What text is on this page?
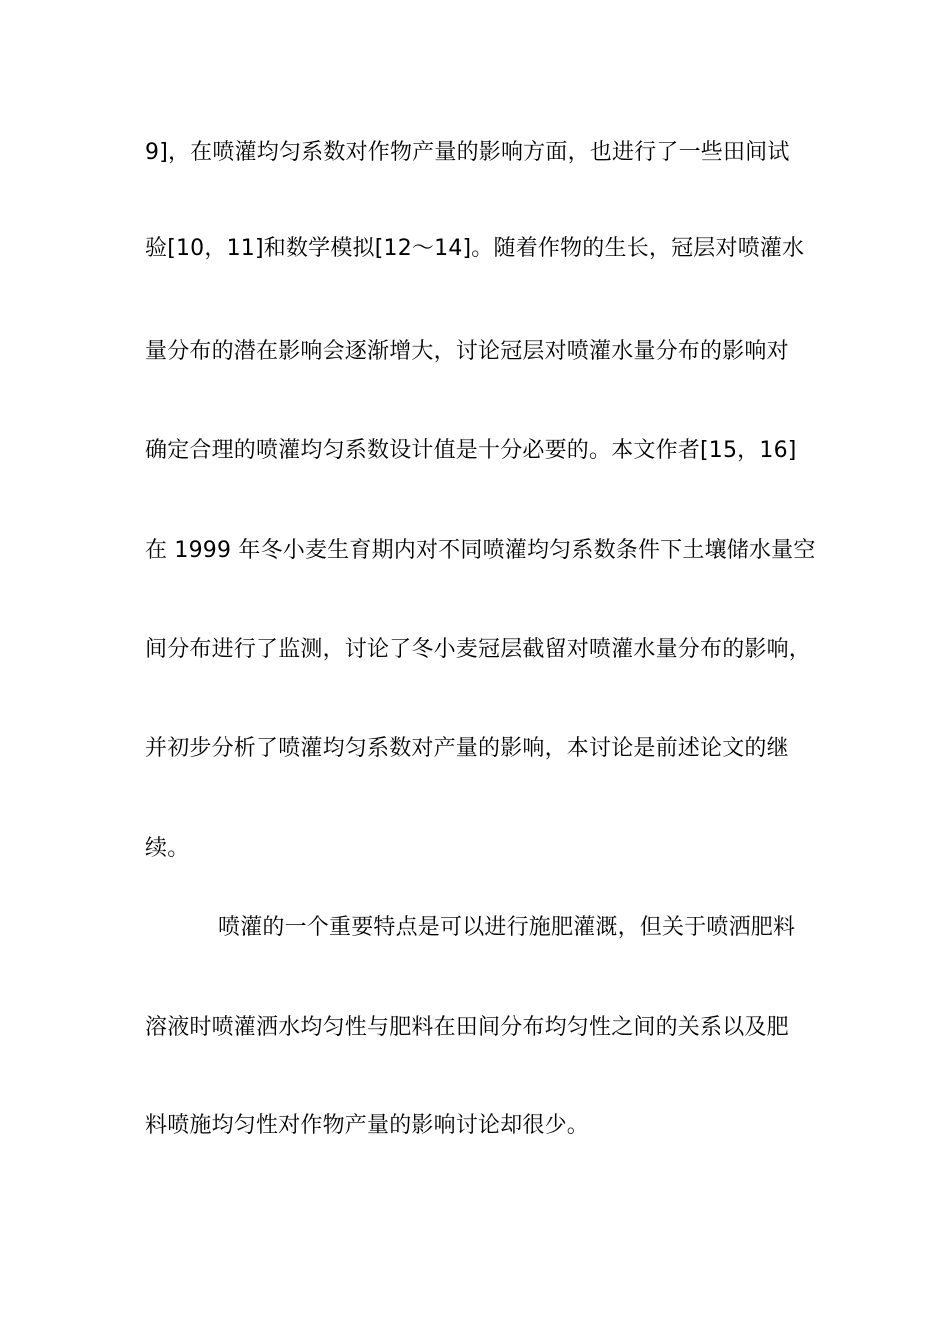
9]，在喷灌均匀系数对作物产量的影响方面，也进行了一些田间试
验[10，11]和数学模拟[12～14]。随着作物的生长，冠层对喷灌水
量分布的潜在影响会逐渐增大，讨论冠层对喷灌水量分布的影响对
确定合理的喷灌均匀系数设计值是十分必要的。本文作者[15，16]
在 1999 年冬小麦生育期内对不同喷灌均匀系数条件下土壤储水量空
间分布进行了监测，讨论了冬小麦冠层截留对喷灌水量分布的影响，
并初步分析了喷灌均匀系数对产量的影响，本讨论是前述论文的继
续。
喷灌的一个重要特点是可以进行施肥灌溉，但关于喷洒肥料
溶液时喷灌洒水均匀性与肥料在田间分布均匀性之间的关系以及肥
料喷施均匀性对作物产量的影响讨论却很少。
